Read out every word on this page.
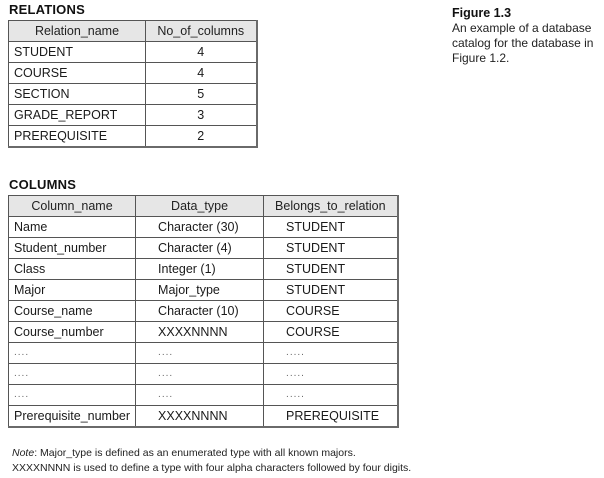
RELATIONS
Relation_name	No_of_columns
STUDENT	4
COURSE	4
SECTION	5
GRADE_REPORT	3
PREREQUISITE	2
Figure 1.3
An example of a database catalog for the database in Figure 1.2.
COLUMNS
Column_name	Data_type	Belongs_to_relation
Name	Character (30)	STUDENT
Student_number	Character (4)	STUDENT
Class	Integer (1)	STUDENT
Major	Major_type	STUDENT
Course_name	Character (10)	COURSE
Course_number	XXXXNNNN	COURSE
....	....	.....
....	....	.....
....	....	.....
Prerequisite_number	XXXXNNNN	PREREQUISITE
Note: Major_type is defined as an enumerated type with all known majors.
XXXXNNNN is used to define a type with four alpha characters followed by four digits.
